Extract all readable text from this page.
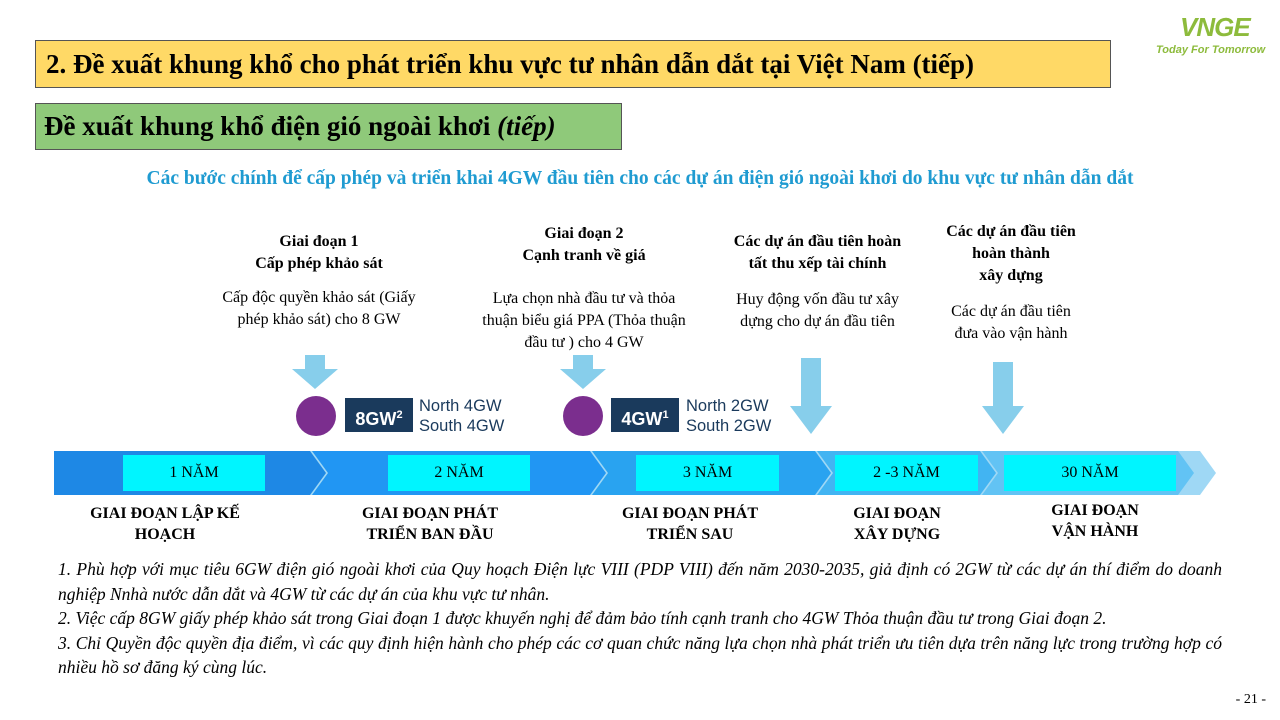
2. Đề xuất khung khổ cho phát triển khu vực tư nhân dẫn dắt tại Việt Nam (tiếp)
Đề xuất khung khổ điện gió ngoài khơi (tiếp)
VNGE
Today For Tomorrow
Các bước chính để cấp phép và triển khai 4GW đầu tiên cho các dự án điện gió ngoài khơi do khu vực tư nhân dẫn dắt
Giai đoạn 1
Cấp phép khảo sát
Cấp độc quyền khảo sát (Giấy
phép khảo sát) cho 8 GW
Giai đoạn 2
Cạnh tranh về giá
Lựa chọn nhà đầu tư và thỏa
thuận biểu giá PPA (Thỏa thuận
đầu tư ) cho 4 GW
Các dự án đầu tiên hoàn
tất thu xếp tài chính
Huy động vốn đầu tư xây
dựng cho dự án đầu tiên
Các dự án đầu tiên
hoàn thành
xây dựng
Các dự án đầu tiên
đưa vào vận hành
$8GW^2$ North 4GW
South 4GW	$4GW^1$	North 2GW
South 2GW
1 NĂM	2 NĂM	3 NĂM	2 -3 NĂM	30 NĂM
GIAI ĐOẠN LẬP KẾ
HOẠCH
GIAI ĐOẠN PHÁT
TRIỂN BAN ĐẦU
GIAI ĐOẠN PHÁT
TRIỂN SAU
GIAI ĐOẠN
XÂY DỰNG
GIAI ĐOẠN
VẬN HÀNH

1. Phù hợp với mục tiêu 6GW điện gió ngoài khơi của Quy hoạch Điện lực VIII (PDP VIII) đến năm 2030-2035, giả định có 2GW từ các dự án thí điểm do doanh nghiệp Nnhà nước dẫn dắt và 4GW từ các dự án của khu vực tư nhân.

2. Việc cấp 8GW giấy phép khảo sát trong Giai đoạn 1 được khuyến nghị để đảm bảo tính cạnh tranh cho 4GW Thỏa thuận đầu tư trong Giai đoạn 2.

3. Chỉ Quyền độc quyền địa điểm, vì các quy định hiện hành cho phép các cơ quan chức năng lựa chọn nhà phát triển ưu tiên dựa trên năng lực trong trường hợp có nhiều hồ sơ đăng ký cùng lúc.

- 21 -
